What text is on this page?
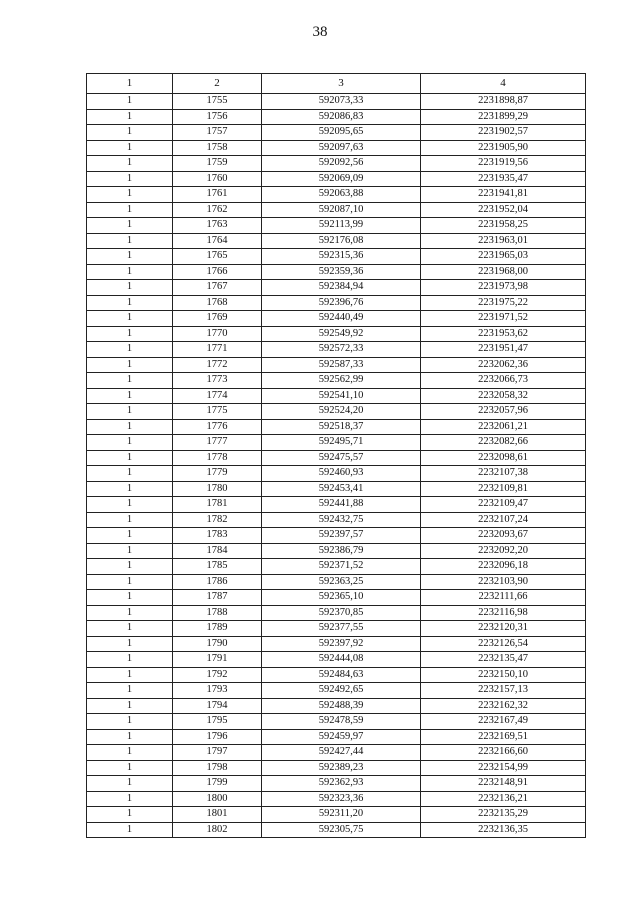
38
1	2	3	4
1	1755	592073,33	2231898,87
1	1756	592086,83	2231899,29
1	1757	592095,65	2231902,57
1	1758	592097,63	2231905,90
1	1759	592092,56	2231919,56
1	1760	592069,09	2231935,47
1	1761	592063,88	2231941,81
1	1762	592087,10	2231952,04
1	1763	592113,99	2231958,25
1	1764	592176,08	2231963,01
1	1765	592315,36	2231965,03
1	1766	592359,36	2231968,00
1	1767	592384,94	2231973,98
1	1768	592396,76	2231975,22
1	1769	592440,49	2231971,52
1	1770	592549,92	2231953,62
1	1771	592572,33	2231951,47
1	1772	592587,33	2232062,36
1	1773	592562,99	2232066,73
1	1774	592541,10	2232058,32
1	1775	592524,20	2232057,96
1	1776	592518,37	2232061,21
1	1777	592495,71	2232082,66
1	1778	592475,57	2232098,61
1	1779	592460,93	2232107,38
1	1780	592453,41	2232109,81
1	1781	592441,88	2232109,47
1	1782	592432,75	2232107,24
1	1783	592397,57	2232093,67
1	1784	592386,79	2232092,20
1	1785	592371,52	2232096,18
1	1786	592363,25	2232103,90
1	1787	592365,10	2232111,66
1	1788	592370,85	2232116,98
1	1789	592377,55	2232120,31
1	1790	592397,92	2232126,54
1	1791	592444,08	2232135,47
1	1792	592484,63	2232150,10
1	1793	592492,65	2232157,13
1	1794	592488,39	2232162,32
1	1795	592478,59	2232167,49
1	1796	592459,97	2232169,51
1	1797	592427,44	2232166,60
1	1798	592389,23	2232154,99
1	1799	592362,93	2232148,91
1	1800	592323,36	2232136,21
1	1801	592311,20	2232135,29
1	1802	592305,75	2232136,35
